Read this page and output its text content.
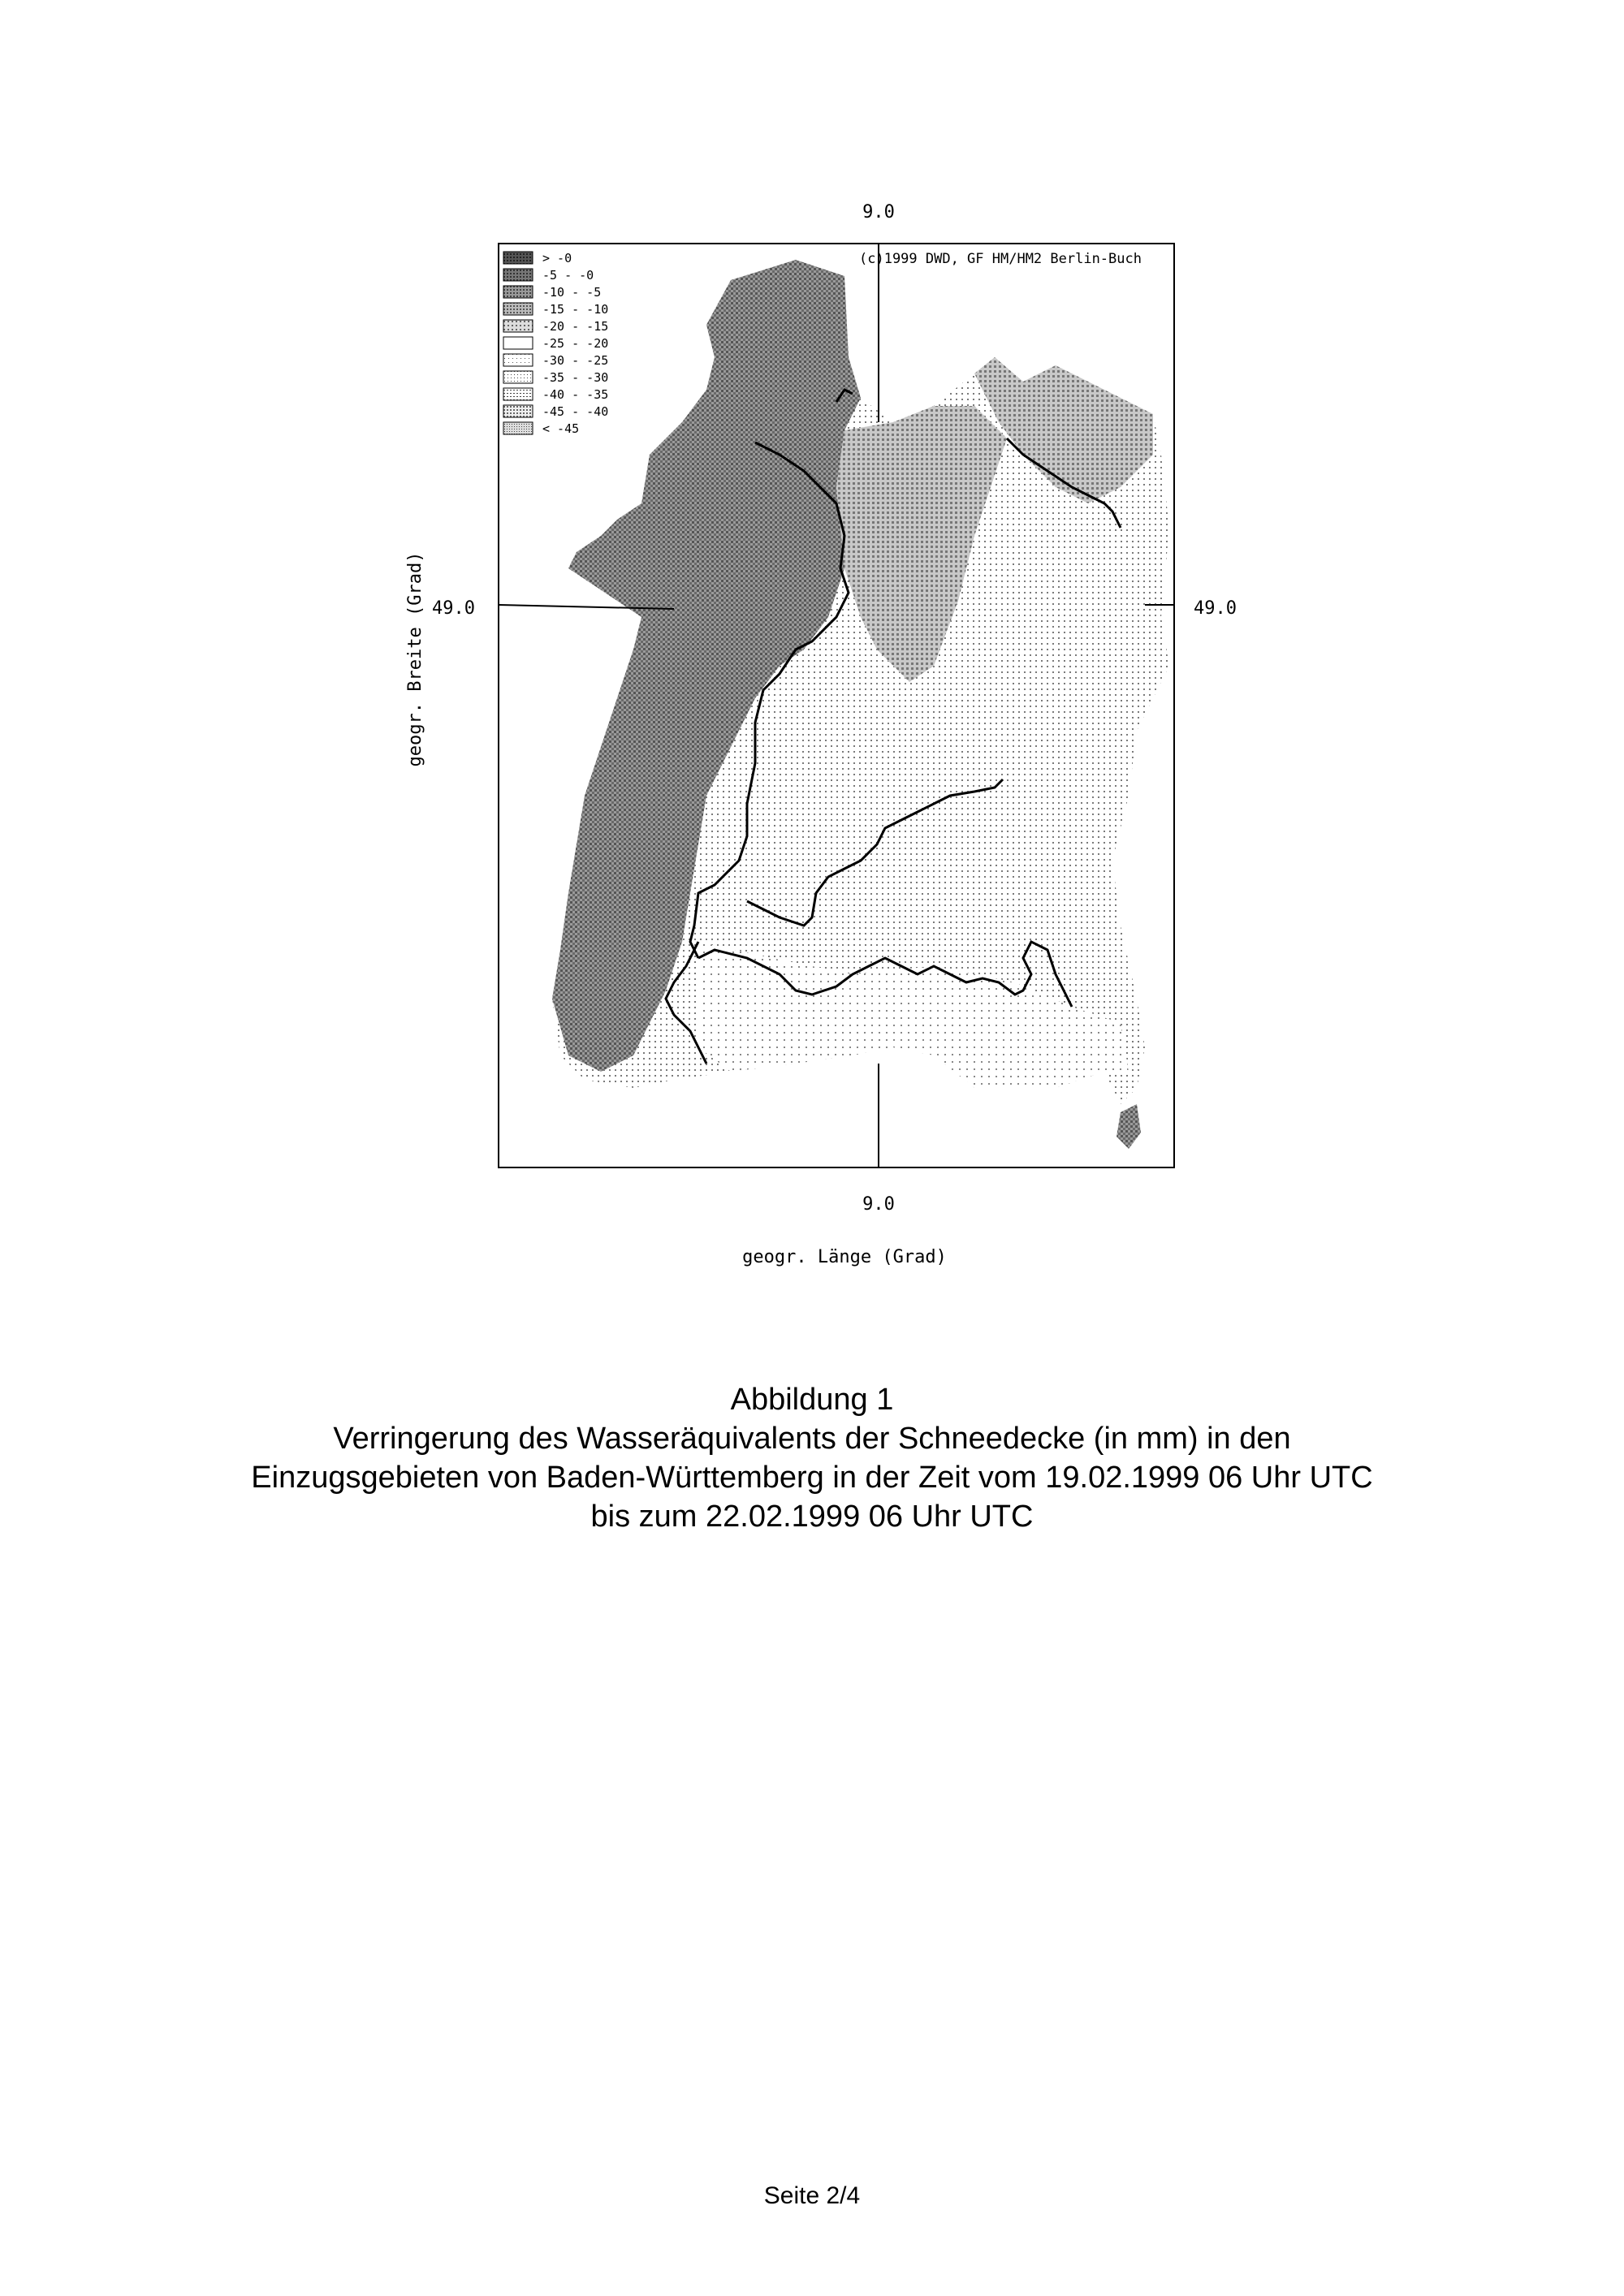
> -0
-5 - -0
-10 - -5
-15 - -10
-20 - -15
-25 - -20
-30 - -25
-35 - -30
-40 - -35
-45 - -40
< -45
(c)1999 DWD, GF HM/HM2 Berlin-Buch
9.0
9.0
49.0	49.0
geogr. Länge (Grad)
geogr. Breite (Grad)
Abbildung 1
Verringerung des Wasseräquivalents der Schneedecke (in mm) in den
Einzugsgebieten von Baden-Württemberg in der Zeit vom 19.02.1999 06 Uhr UTC
bis zum 22.02.1999 06 Uhr UTC
Seite 2/4
